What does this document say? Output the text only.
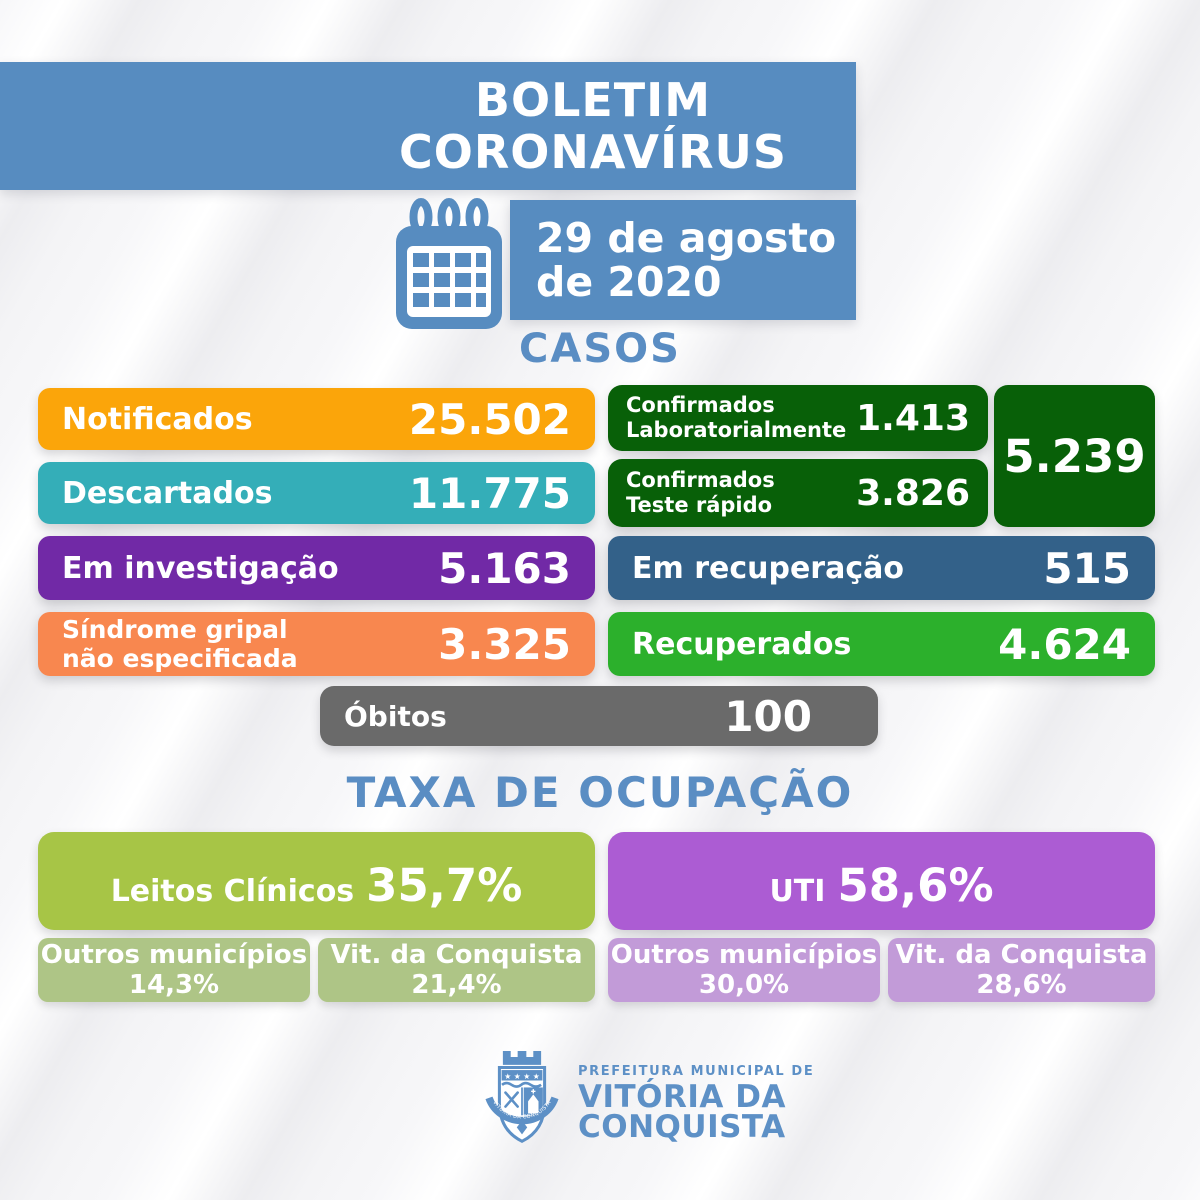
BOLETIM
CORONAVÍRUS
29 de agosto
de 2020
CASOS
Notificados	25.502
Descartados	11.775
Em investigação 5.163
Síndrome gripal
não especificada	3.325
Confirmados
Laboratorialmente 1.413
Confirmados
Teste rápido 3.826
5.239
Em recuperação	515
Recuperados	4.624
Óbitos	100
TAXA DE OCUPAÇÃO
Leitos Clínicos 35,7%
Outros municípios
14,3%
Vit. da Conquista
21,4%
UTI 58,6%
Outros municípios
30,0%
Vit. da Conquista
28,6%
★ ★ ★ ★
VITÓRIA DA CONQUISTA
PREFEITURA MUNICIPAL DE
VITÓRIA DA
CONQUISTA
